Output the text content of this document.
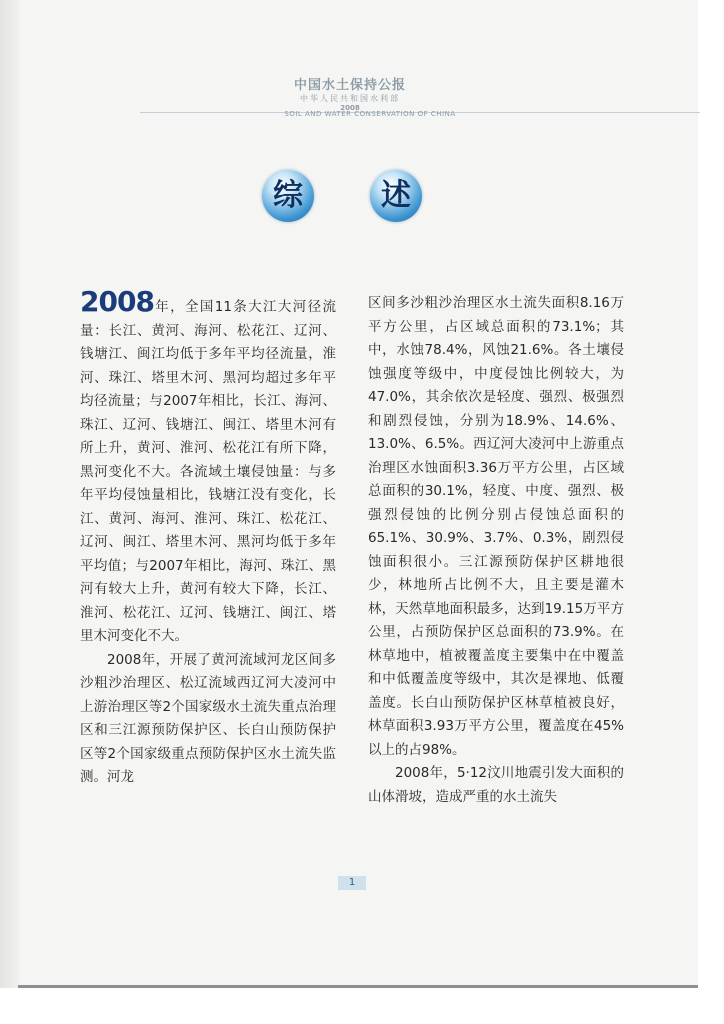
中国水土保持公报
中华人民共和国水利部
2008
SOIL AND WATER CONSERVATION OF CHINA
综	述

2008年，全国11条大江大河径流量：长江、黄河、海河、松花江、辽河、钱塘江、闽江均低于多年平均径流量，淮河、珠江、塔里木河、黑河均超过多年平均径流量；与2007年相比，长江、海河、珠江、辽河、钱塘江、闽江、塔里木河有所上升，黄河、淮河、松花江有所下降，黑河变化不大。各流域土壤侵蚀量：与多年平均侵蚀量相比，钱塘江没有变化，长江、黄河、海河、淮河、珠江、松花江、辽河、闽江、塔里木河、黑河均低于多年平均值；与2007年相比，海河、珠江、黑河有较大上升，黄河有较大下降，长江、淮河、松花江、辽河、钱塘江、闽江、塔里木河变化不大。

2008年，开展了黄河流域河龙区间多沙粗沙治理区、松辽流域西辽河大凌河中上游治理区等2个国家级水土流失重点治理区和三江源预防保护区、长白山预防保护区等2个国家级重点预防保护区水土流失监测。河龙

区间多沙粗沙治理区水土流失面积8.16万平方公里，占区域总面积的73.1%；其中，水蚀78.4%，风蚀21.6%。各土壤侵蚀强度等级中，中度侵蚀比例较大，为47.0%，其余依次是轻度、强烈、极强烈和剧烈侵蚀，分别为18.9%、14.6%、13.0%、6.5%。西辽河大凌河中上游重点治理区水蚀面积3.36万平方公里，占区域总面积的30.1%，轻度、中度、强烈、极强烈侵蚀的比例分别占侵蚀总面积的65.1%、30.9%、3.7%、0.3%，剧烈侵蚀面积很小。三江源预防保护区耕地很少，林地所占比例不大，且主要是灌木林，天然草地面积最多，达到19.15万平方公里，占预防保护区总面积的73.9%。在林草地中，植被覆盖度主要集中在中覆盖和中低覆盖度等级中，其次是裸地、低覆盖度。长白山预防保护区林草植被良好，林草面积3.93万平方公里，覆盖度在45%以上的占98%。

2008年，5·12汶川地震引发大面积的山体滑坡，造成严重的水土流失

1
